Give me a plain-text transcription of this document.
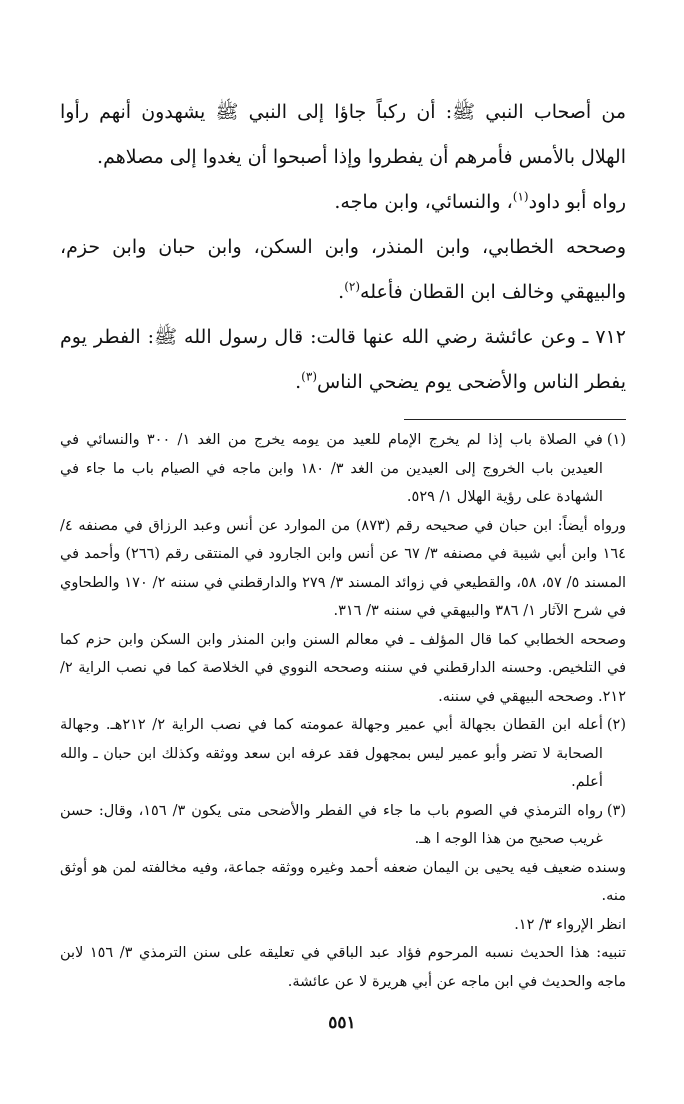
من أصحاب النبي ﷺ: أن ركباً جاؤا إلى النبي ﷺ يشهدون أنهم رأوا الهلال بالأمس فأمرهم أن يفطروا وإذا أصبحوا أن يغدوا إلى مصلاهم.

رواه أبو داود$^{(١)}$، والنسائي، وابن ماجه.

وصححه الخطابي، وابن المنذر، وابن السكن، وابن حبان وابن حزم، والبيهقي وخالف ابن القطان فأعله$^{(٢)}$.

٧١٢ ـ وعن عائشة رضي الله عنها قالت: قال رسول الله ﷺ: الفطر يوم يفطر الناس والأضحى يوم يضحي الناس$^{(٣)}$.

(١)
في الصلاة باب إذا لم يخرج الإمام للعيد من يومه يخرج من الغد ١/ ٣٠٠ والنسائي في العيدين باب الخروج إلى العيدين من الغد ٣/ ١٨٠ وابن ماجه في الصيام باب ما جاء في الشهادة على رؤية الهلال ١/ ٥٢٩.
ورواه أيضاً: ابن حبان في صحيحه رقم (٨٧٣) من الموارد عن أنس وعبد الرزاق في مصنفه ٤/ ١٦٤ وابن أبي شيبة في مصنفه ٣/ ٦٧ عن أنس وابن الجارود في المنتقى رقم (٢٦٦) وأحمد في المسند ٥/ ٥٧، ٥٨، والقطيعي في زوائد المسند ٣/ ٢٧٩ والدارقطني في سننه ٢/ ١٧٠ والطحاوي في شرح الآثار ١/ ٣٨٦ والبيهقي في سننه ٣/ ٣١٦.
وصححه الخطابي كما قال المؤلف ـ في معالم السنن وابن المنذر وابن السكن وابن حزم كما في التلخيص. وحسنه الدارقطني في سننه وصححه النووي في الخلاصة كما في نصب الراية ٢/ ٢١٢. وصححه البيهقي في سننه.
(٢)
أعله ابن القطان بجهالة أبي عمير وجهالة عمومته كما في نصب الراية ٢/ ٢١٢هـ. وجهالة الصحابة لا تضر وأبو عمير ليس بمجهول فقد عرفه ابن سعد ووثقه وكذلك ابن حبان ـ والله أعلم.
(٣)
رواه الترمذي في الصوم باب ما جاء في الفطر والأضحى متى يكون ٣/ ١٥٦، وقال: حسن غريب صحيح من هذا الوجه ا هـ.
وسنده ضعيف فيه يحيى بن اليمان ضعفه أحمد وغيره ووثقه جماعة، وفيه مخالفته لمن هو أوثق منه.
انظر الإرواء ٣/ ١٢.
تنبيه: هذا الحديث نسبه المرحوم فؤاد عبد الباقي في تعليقه على سنن الترمذي ٣/ ١٥٦ لابن ماجه والحديث في ابن ماجه عن أبي هريرة لا عن عائشة.
٥٥١
